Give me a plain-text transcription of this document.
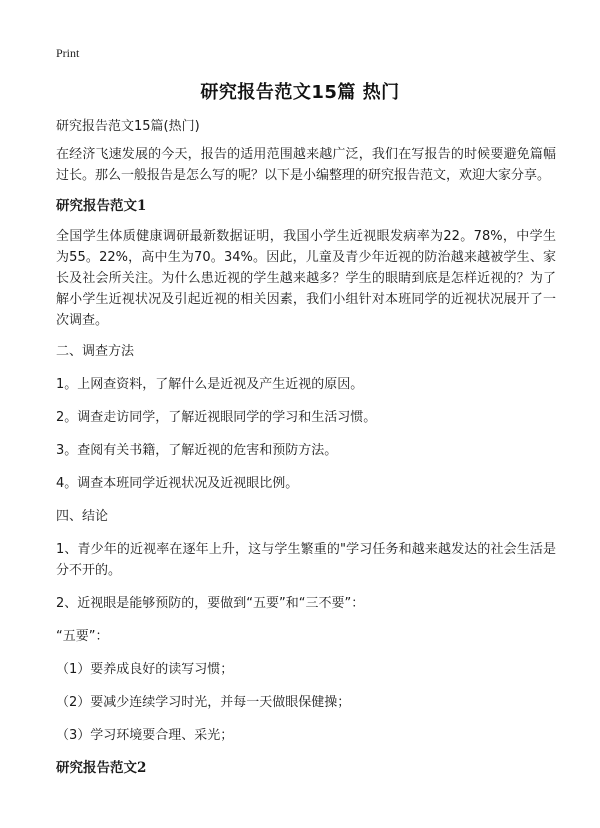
Print
研究报告范文15篇 热门

研究报告范文15篇(热门)

在经济飞速发展的今天，报告的适用范围越来越广泛，我们在写报告的时候要避免篇幅过长。那么一般报告是怎么写的呢？以下是小编整理的研究报告范文，欢迎大家分享。

研究报告范文1

全国学生体质健康调研最新数据证明，我国小学生近视眼发病率为22。78%，中学生为55。22%，高中生为70。34%。因此，儿童及青少年近视的防治越来越被学生、家长及社会所关注。为什么患近视的学生越来越多？学生的眼睛到底是怎样近视的？为了解小学生近视状况及引起近视的相关因素，我们小组针对本班同学的近视状况展开了一次调查。

二、调查方法

1。上网查资料，了解什么是近视及产生近视的原因。

2。调查走访同学，了解近视眼同学的学习和生活习惯。

3。查阅有关书籍，了解近视的危害和预防方法。

4。调查本班同学近视状况及近视眼比例。

四、结论

1、青少年的近视率在逐年上升，这与学生繁重的"学习任务和越来越发达的社会生活是分不开的。

2、近视眼是能够预防的，要做到“五要”和“三不要”：

“五要”：

（1）要养成良好的读写习惯；

（2）要减少连续学习时光，并每一天做眼保健操；

（3）学习环境要合理、采光；

研究报告范文2
